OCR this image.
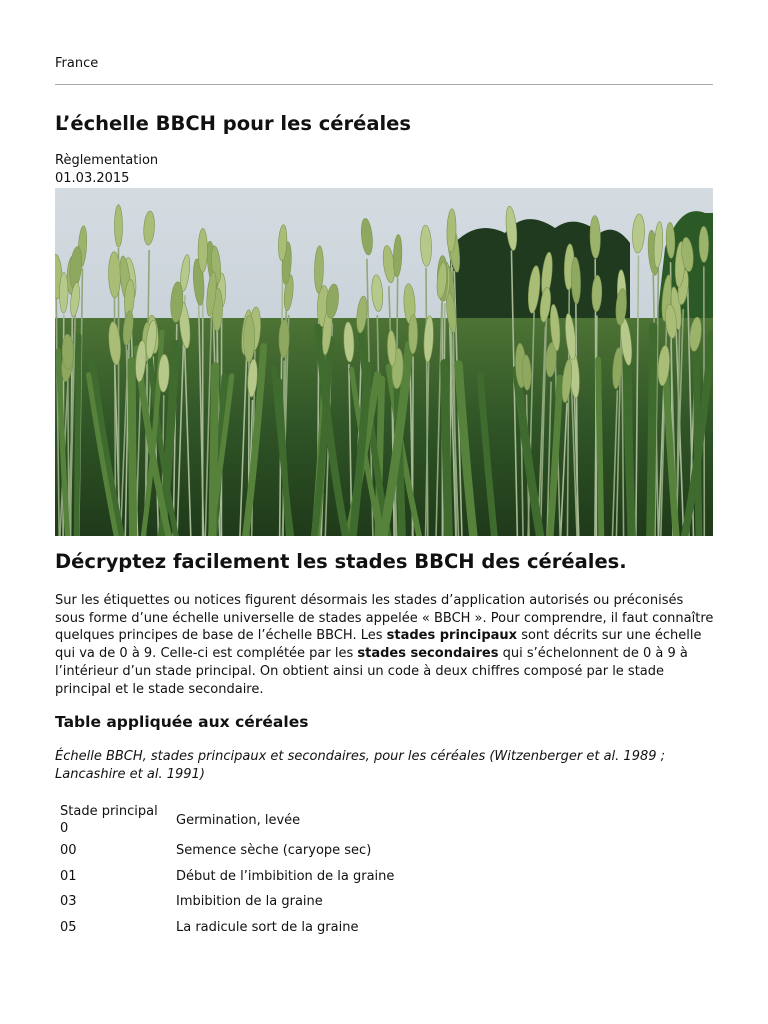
France
L’échelle BBCH pour les céréales
Règlementation
01.03.2015
Décryptez facilement les stades BBCH des céréales.

Sur les étiquettes ou notices figurent désormais les stades d’application autorisés ou préconisés sous forme d’une échelle universelle de stades appelée « BBCH ». Pour comprendre, il faut connaître quelques principes de base de l’échelle BBCH. Les stades principaux sont décrits sur une échelle qui va de 0 à 9. Celle-ci est complétée par les stades secondaires qui s’échelonnent de 0 à 9 à l’intérieur d’un stade principal. On obtient ainsi un code à deux chiffres composé par le stade principal et le stade secondaire.

Table appliquée aux céréales

Échelle BBCH, stades principaux et secondaires, pour les céréales (Witzenberger et al. 1989 ; Lancashire et al. 1991)

Stade principal
0	Germination, levée
00	Semence sèche (caryope sec)
01	Début de l’imbibition de la graine
03	Imbibition de la graine
05	La radicule sort de la graine
